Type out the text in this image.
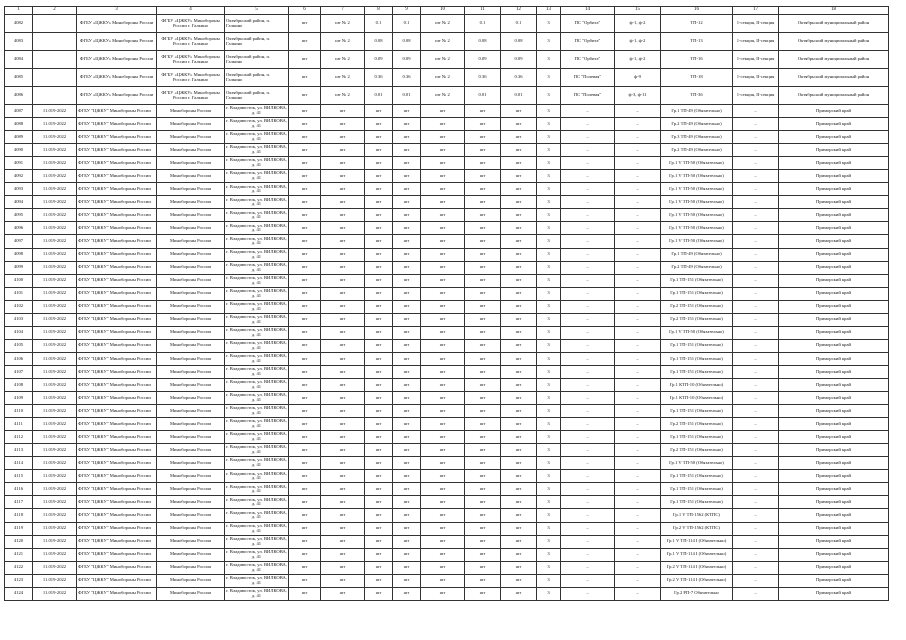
1	2	3	4	5	6	7	8	9	10	11	12	13	14	15	16	17	18
4082		ФГБУ «ЦЖКУ» Минобороны России	ФГБУ «ЦЖКУ» Минобороны России г. Галкино	Октябрьский район, п. Галкино	шт	шт № 2	0.1	0.1	шт № 2	0.1	0.1	3	ПС "Орбита"	ф-1, ф-2	ТП-12	1-секция, II-секция	Октябрьский муниципальный район
4083		ФГБУ «ЦЖКУ» Минобороны России	ФГБУ «ЦЖКУ» Минобороны России г. Галкино	Октябрьский район, п. Галкино	шт	шт № 2	0.08	0.08	шт № 2	0.08	0.08	3	ПС "Орбита"	ф-1, ф-2	ТП-13	1-секция, II-секция	Октябрьский муниципальный район
4084		ФГБУ «ЦЖКУ» Минобороны России	ФГБУ «ЦЖКУ» Минобороны России г. Галкино	Октябрьский район, п. Галкино	шт	шт № 2	0.09	0.09	шт № 2	0.09	0.09	3	ПС "Орбита"	ф-1, ф-2	ТП-16	1-секция, II-секция	Октябрьский муниципальный район
4085		ФГБУ «ЦЖКУ» Минобороны России	ФГБУ «ЦЖКУ» Минобороны России г. Галкино	Октябрьский район, п. Галкино	шт	шт № 2	0.36	0.36	шт № 2	0.36	0.36	3	ПС "Полевая"	ф-9	ТП-18	1-секция, II-секция	Октябрьский муниципальный район
4086		ФГБУ «ЦЖКУ» Минобороны России	ФГБУ «ЦЖКУ» Минобороны России г. Галкино	Октябрьский район, п. Галкино	шт	шт № 2	0.01	0.01	шт № 2	0.01	0.01	3	ПС "Полевая"	ф-3, ф-11	ТП-36	1-секция, II-секция	Октябрьский муниципальный район
4087	11.019-2022	ФГБУ "ЦЖКУ" Минобороны России	Минобороны России	г. Владивосток, ул. ВИЛКОВА, д. 41	шт	шт	шт	шт	шт	шт	шт	3	–	–	Гр.1 ТП-49 (Обязательно)	–	Приморский край
4088	11.019-2022	ФГБУ "ЦЖКУ" Минобороны России	Минобороны России	г. Владивосток, ул. ВИЛКОВА, д. 41	шт	шт	шт	шт	шт	шт	шт	3	–	–	Гр.2 ТП-49 (Обязательно)	–	Приморский край
4089	11.019-2022	ФГБУ "ЦЖКУ" Минобороны России	Минобороны России	г. Владивосток, ул. ВИЛКОВА, д. 41	шт	шт	шт	шт	шт	шт	шт	3	–	–	Гр.3 ТП-49 (Обязательно)	–	Приморский край
4090	11.019-2022	ФГБУ "ЦЖКУ" Минобороны России	Минобороны России	г. Владивосток, ул. ВИЛКОВА, д. 41	шт	шт	шт	шт	шт	шт	шт	3	–	–	Гр.2 ТП-49 (Обязательно)	–	Приморский край
4091	11.019-2022	ФГБУ "ЦЖКУ" Минобороны России	Минобороны России	г. Владивосток, ул. ВИЛКОВА, д. 41	шт	шт	шт	шт	шт	шт	шт	3	–	–	Гр.1 V ТП-50 (Обязательно)	–	Приморский край
4092	11.019-2022	ФГБУ "ЦЖКУ" Минобороны России	Минобороны России	г. Владивосток, ул. ВИЛКОВА, д. 41	шт	шт	шт	шт	шт	шт	шт	3	–	–	Гр.1 V ТП-50 (Обязательно)	–	Приморский край
4093	11.019-2022	ФГБУ "ЦЖКУ" Минобороны России	Минобороны России	г. Владивосток, ул. ВИЛКОВА, д. 41	шт	шт	шт	шт	шт	шт	шт	3	–	–	Гр.1 V ТП-50 (Обязательно)	–	Приморский край
4094	11.019-2022	ФГБУ "ЦЖКУ" Минобороны России	Минобороны России	г. Владивосток, ул. ВИЛКОВА, д. 41	шт	шт	шт	шт	шт	шт	шт	3	–	–	Гр.1 V ТП-50 (Обязательно)	–	Приморский край
4095	11.019-2022	ФГБУ "ЦЖКУ" Минобороны России	Минобороны России	г. Владивосток, ул. ВИЛКОВА, д. 41	шт	шт	шт	шт	шт	шт	шт	3	–	–	Гр.1 V ТП-50 (Обязательно)	–	Приморский край
4096	11.019-2022	ФГБУ "ЦЖКУ" Минобороны России	Минобороны России	г. Владивосток, ул. ВИЛКОВА, д. 41	шт	шт	шт	шт	шт	шт	шт	3	–	–	Гр.1 V ТП-50 (Обязательно)	–	Приморский край
4097	11.019-2022	ФГБУ "ЦЖКУ" Минобороны России	Минобороны России	г. Владивосток, ул. ВИЛКОВА, д. 41	шт	шт	шт	шт	шт	шт	шт	3	–	–	Гр.1 V ТП-50 (Обязательно)	–	Приморский край
4098	11.019-2022	ФГБУ "ЦЖКУ" Минобороны России	Минобороны России	г. Владивосток, ул. ВИЛКОВА, д. 41	шт	шт	шт	шт	шт	шт	шт	3	–	–	Гр.1 ТП-49 (Обязательно)	–	Приморский край
4099	11.019-2022	ФГБУ "ЦЖКУ" Минобороны России	Минобороны России	г. Владивосток, ул. ВИЛКОВА, д. 41	шт	шт	шт	шт	шт	шт	шт	3	–	–	Гр.2 ТП-49 (Обязательно)	–	Приморский край
4100	11.019-2022	ФГБУ "ЦЖКУ" Минобороны России	Минобороны России	г. Владивосток, ул. ВИЛКОВА, д. 41	шт	шт	шт	шт	шт	шт	шт	3	–	–	Гр.1 ТП-151 (Обязательно)	–	Приморский край
4101	11.019-2022	ФГБУ "ЦЖКУ" Минобороны России	Минобороны России	г. Владивосток, ул. ВИЛКОВА, д. 41	шт	шт	шт	шт	шт	шт	шт	3	–	–	Гр.1 ТП-151 (Обязательно)	–	Приморский край
4102	11.019-2022	ФГБУ "ЦЖКУ" Минобороны России	Минобороны России	г. Владивосток, ул. ВИЛКОВА, д. 41	шт	шт	шт	шт	шт	шт	шт	3	–	–	Гр.2 ТП-151 (Обязательно)	–	Приморский край
4103	11.019-2022	ФГБУ "ЦЖКУ" Минобороны России	Минобороны России	г. Владивосток, ул. ВИЛКОВА, д. 41	шт	шт	шт	шт	шт	шт	шт	3	–	–	Гр.2 ТП-151 (Обязательно)	–	Приморский край
4104	11.019-2022	ФГБУ "ЦЖКУ" Минобороны России	Минобороны России	г. Владивосток, ул. ВИЛКОВА, д. 41	шт	шт	шт	шт	шт	шт	шт	3	–	–	Гр.1 V ТП-50 (Обязательно)	–	Приморский край
4105	11.019-2022	ФГБУ "ЦЖКУ" Минобороны России	Минобороны России	г. Владивосток, ул. ВИЛКОВА, д. 41	шт	шт	шт	шт	шт	шт	шт	3	–	–	Гр.1 ТП-151 (Обязательно)	–	Приморский край
4106	11.019-2022	ФГБУ "ЦЖКУ" Минобороны России	Минобороны России	г. Владивосток, ул. ВИЛКОВА, д. 41	шт	шт	шт	шт	шт	шт	шт	3	–	–	Гр.1 ТП-151 (Обязательно)	–	Приморский край
4107	11.019-2022	ФГБУ "ЦЖКУ" Минобороны России	Минобороны России	г. Владивосток, ул. ВИЛКОВА, д. 41	шт	шт	шт	шт	шт	шт	шт	3	–	–	Гр.1 ТП-151 (Обязательно)	–	Приморский край
4108	11.019-2022	ФГБУ "ЦЖКУ" Минобороны России	Минобороны России	г. Владивосток, ул. ВИЛКОВА, д. 41	шт	шт	шт	шт	шт	шт	шт	3	–	–	Гр.1 КТП-10 (Обязательно)	–	Приморский край
4109	11.019-2022	ФГБУ "ЦЖКУ" Минобороны России	Минобороны России	г. Владивосток, ул. ВИЛКОВА, д. 41	шт	шт	шт	шт	шт	шт	шт	3	–	–	Гр.1 КТП-10 (Обязательно)	–	Приморский край
4110	11.019-2022	ФГБУ "ЦЖКУ" Минобороны России	Минобороны России	г. Владивосток, ул. ВИЛКОВА, д. 41	шт	шт	шт	шт	шт	шт	шт	3	–	–	Гр.1 ТП-151 (Обязательно)	–	Приморский край
4111	11.019-2022	ФГБУ "ЦЖКУ" Минобороны России	Минобороны России	г. Владивосток, ул. ВИЛКОВА, д. 41	шт	шт	шт	шт	шт	шт	шт	3	–	–	Гр.2 ТП-151 (Обязательно)	–	Приморский край
4112	11.019-2022	ФГБУ "ЦЖКУ" Минобороны России	Минобороны России	г. Владивосток, ул. ВИЛКОВА, д. 41	шт	шт	шт	шт	шт	шт	шт	3	–	–	Гр.1 ТП-151 (Обязательно)	–	Приморский край
4113	11.019-2022	ФГБУ "ЦЖКУ" Минобороны России	Минобороны России	г. Владивосток, ул. ВИЛКОВА, д. 41	шт	шт	шт	шт	шт	шт	шт	3	–	–	Гр.2 ТП-151 (Обязательно)	–	Приморский край
4114	11.019-2022	ФГБУ "ЦЖКУ" Минобороны России	Минобороны России	г. Владивосток, ул. ВИЛКОВА, д. 41	шт	шт	шт	шт	шт	шт	шт	3	–	–	Гр.1 V ТП-50 (Обязательно)	–	Приморский край
4115	11.019-2022	ФГБУ "ЦЖКУ" Минобороны России	Минобороны России	г. Владивосток, ул. ВИЛКОВА, д. 41	шт	шт	шт	шт	шт	шт	шт	3	–	–	Гр.1 ТП-151 (Обязательно)	–	Приморский край
4116	11.019-2022	ФГБУ "ЦЖКУ" Минобороны России	Минобороны России	г. Владивосток, ул. ВИЛКОВА, д. 41	шт	шт	шт	шт	шт	шт	шт	3	–	–	Гр.1 ТП-151 (Обязательно)	–	Приморский край
4117	11.019-2022	ФГБУ "ЦЖКУ" Минобороны России	Минобороны России	г. Владивосток, ул. ВИЛКОВА, д. 41	шт	шт	шт	шт	шт	шт	шт	3	–	–	Гр.1 ТП-151 (Обязательно)	–	Приморский край
4118	11.019-2022	ФГБУ "ЦЖКУ" Минобороны России	Минобороны России	г. Владивосток, ул. ВИЛКОВА, д. 41	шт	шт	шт	шт	шт	шт	шт	3	–	–	Гр.1 V ТП-1562 (КТПС)	–	Приморский край
4119	11.019-2022	ФГБУ "ЦЖКУ" Минобороны России	Минобороны России	г. Владивосток, ул. ВИЛКОВА, д. 41	шт	шт	шт	шт	шт	шт	шт	3	–	–	Гр.2 V ТП-1562 (КТПС)	–	Приморский край
4120	11.019-2022	ФГБУ "ЦЖКУ" Минобороны России	Минобороны России	г. Владивосток, ул. ВИЛКОВА, д. 41	шт	шт	шт	шт	шт	шт	шт	3	–	–	Гр.1 V ТП-114 I (Обязательно)	–	Приморский край
4121	11.019-2022	ФГБУ "ЦЖКУ" Минобороны России	Минобороны России	г. Владивосток, ул. ВИЛКОВА, д. 41	шт	шт	шт	шт	шт	шт	шт	3	–	–	Гр.1 V ТП-114 I (Обязательно)	–	Приморский край
4122	11.019-2022	ФГБУ "ЦЖКУ" Минобороны России	Минобороны России	г. Владивосток, ул. ВИЛКОВА, д. 41	шт	шт	шт	шт	шт	шт	шт	3	–	–	Гр.2 V ТП-114 I (Обязательно)	–	Приморский край
4123	11.019-2022	ФГБУ "ЦЖКУ" Минобороны России	Минобороны России	г. Владивосток, ул. ВИЛКОВА, д. 41	шт	шт	шт	шт	шт	шт	шт	3	–	–	Гр.2 V ТП-114 I (Обязательно)	–	Приморский край
4124	11.019-2022	ФГБУ "ЦЖКУ" Минобороны России	Минобороны России	г. Владивосток, ул. ВИЛКОВА, д. 41	шт	шт	шт	шт	шт	шт	шт	3	–	–	Гр.2 РП-7 Обязательно	–	Приморский край
